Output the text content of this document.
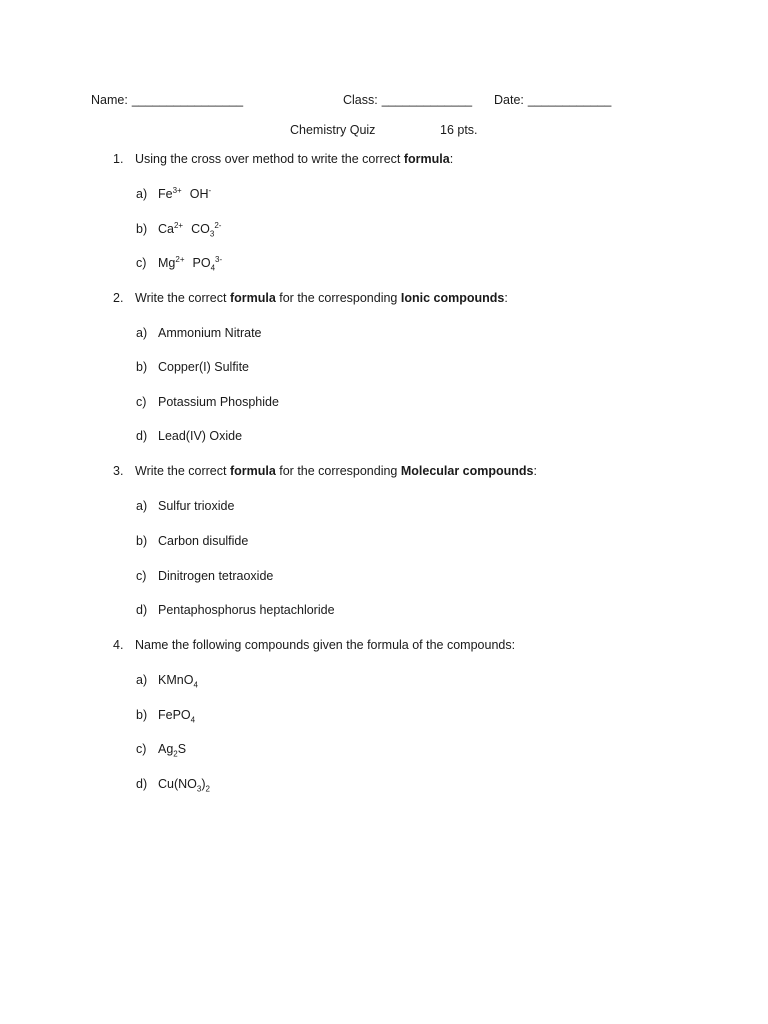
Name: ________________	Class: _____________ Date: ____________
Chemistry Quiz	16 pts.
1. Using the cross over method to write the correct formula:
a) $Fe^{3+}$ OH-
b) $Ca^{2+}$ $CO_3^{2-}$
c) $Mg^{2+}$ $PO_4^{3-}$
2. Write the correct formula for the corresponding Ionic compounds:
a) Ammonium Nitrate
b) Copper(I) Sulfite
c) Potassium Phosphide
d) Lead(IV) Oxide
3. Write the correct formula for the corresponding Molecular compounds:
a) Sulfur trioxide
b) Carbon disulfide
c) Dinitrogen tetraoxide
d) Pentaphosphorus heptachloride
4. Name the following compounds given the formula of the compounds:
a) KMnO$_4$
b) FePO$_4$
c) $Ag_2S$
d) $Cu(NO_3)_2$
